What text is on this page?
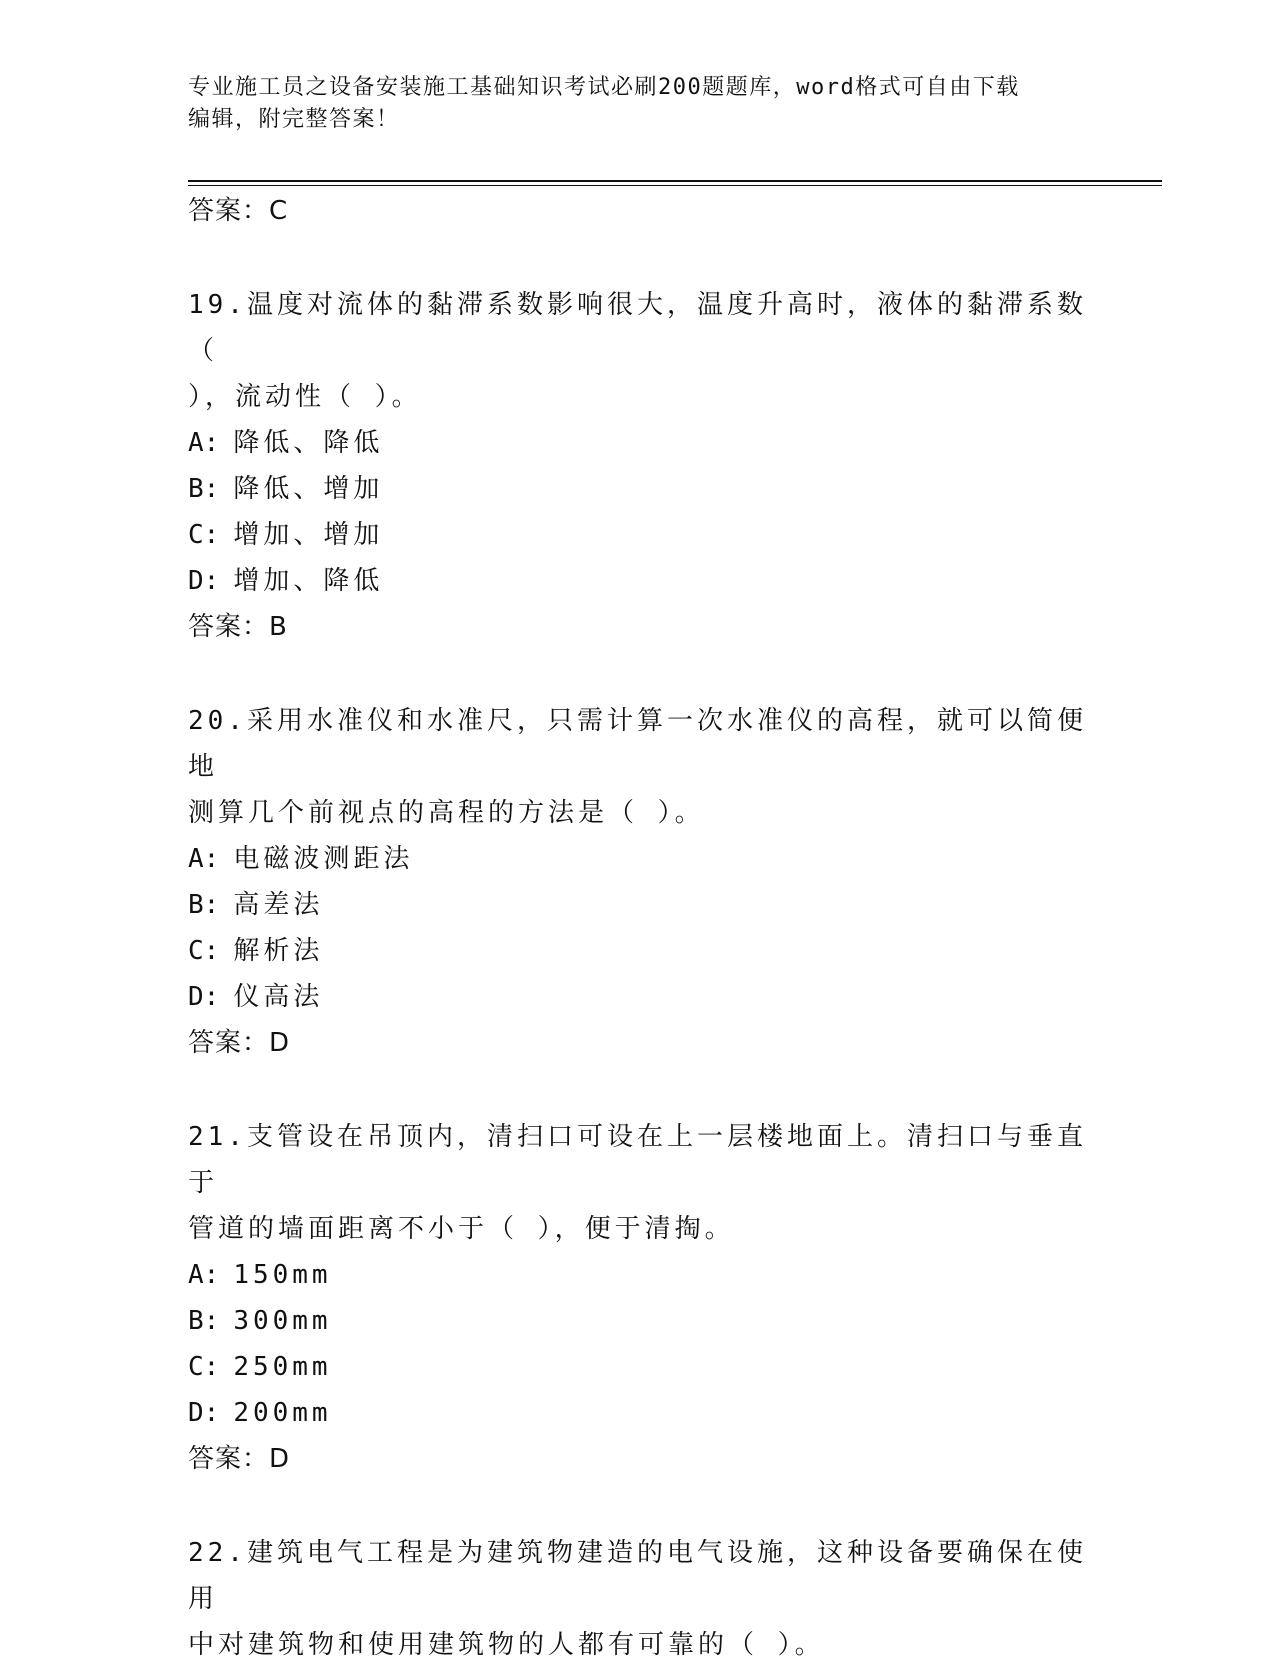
专业施工员之设备安装施工基础知识考试必刷200题题库，word格式可自由下载
编辑，附完整答案！
答案：C
19.温度对流体的黏滞系数影响很大，温度升高时，液体的黏滞系数（
），流动性（ ）。
A: 降低、降低
B: 降低、增加
C: 增加、增加
D: 增加、降低
答案：B
20.采用水准仪和水准尺，只需计算一次水准仪的高程，就可以简便地
测算几个前视点的高程的方法是（ ）。
A: 电磁波测距法
B: 高差法
C: 解析法
D: 仪高法
答案：D
21.支管设在吊顶内，清扫口可设在上一层楼地面上。清扫口与垂直于
管道的墙面距离不小于（ ），便于清掏。
A: 150mm
B: 300mm
C: 250mm
D: 200mm
答案：D
22.建筑电气工程是为建筑物建造的电气设施，这种设备要确保在使用
中对建筑物和使用建筑物的人都有可靠的（ ）。
